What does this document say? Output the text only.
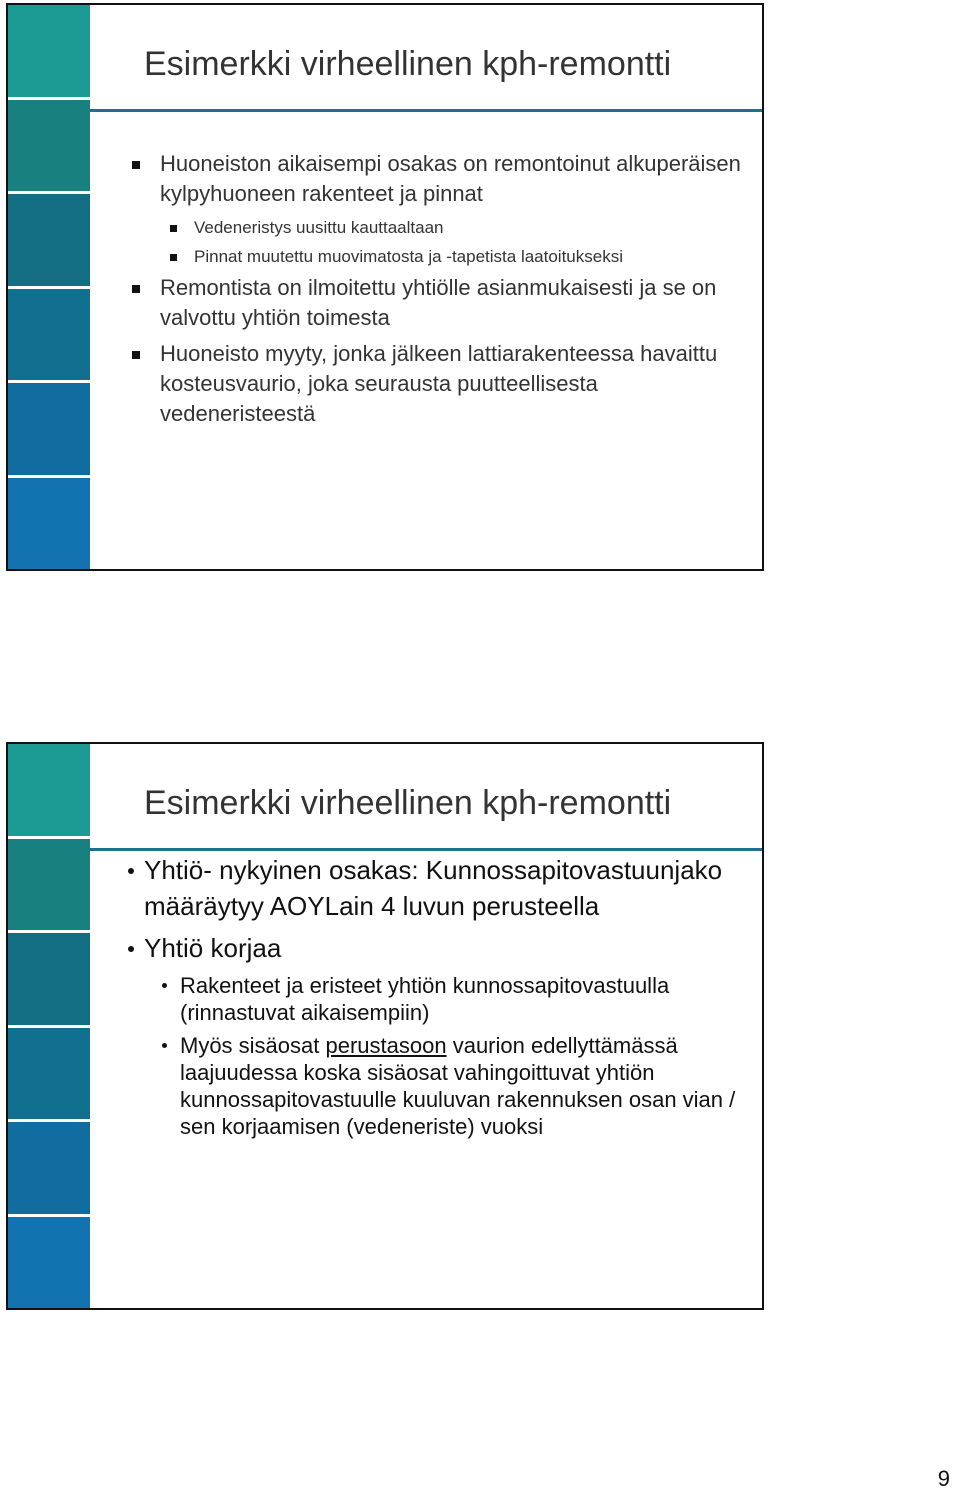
Esimerkki virheellinen kph-remontti
Huoneiston aikaisempi osakas on remontoinut alkuperäisen kylpyhuoneen rakenteet ja pinnat
Vedeneristys uusittu kauttaaltaan
Pinnat muutettu muovimatosta ja -tapetista laatoitukseksi
Remontista on ilmoitettu yhtiölle asianmukaisesti ja se on valvottu yhtiön toimesta
Huoneisto myyty, jonka jälkeen lattiarakenteessa havaittu kosteusvaurio, joka seurausta puutteellisesta vedeneristeestä
Esimerkki virheellinen kph-remontti
Yhtiö- nykyinen osakas: Kunnossapitovastuunjako määräytyy AOYLain 4 luvun perusteella
Yhtiö korjaa
Rakenteet ja eristeet yhtiön kunnossapitovastuulla (rinnastuvat aikaisempiin)
Myös sisäosat perustasoon vaurion edellyttämässä laajuudessa koska sisäosat vahingoittuvat yhtiön kunnossapitovastuulle kuuluvan rakennuksen osan vian / sen korjaamisen (vedeneriste) vuoksi
9
